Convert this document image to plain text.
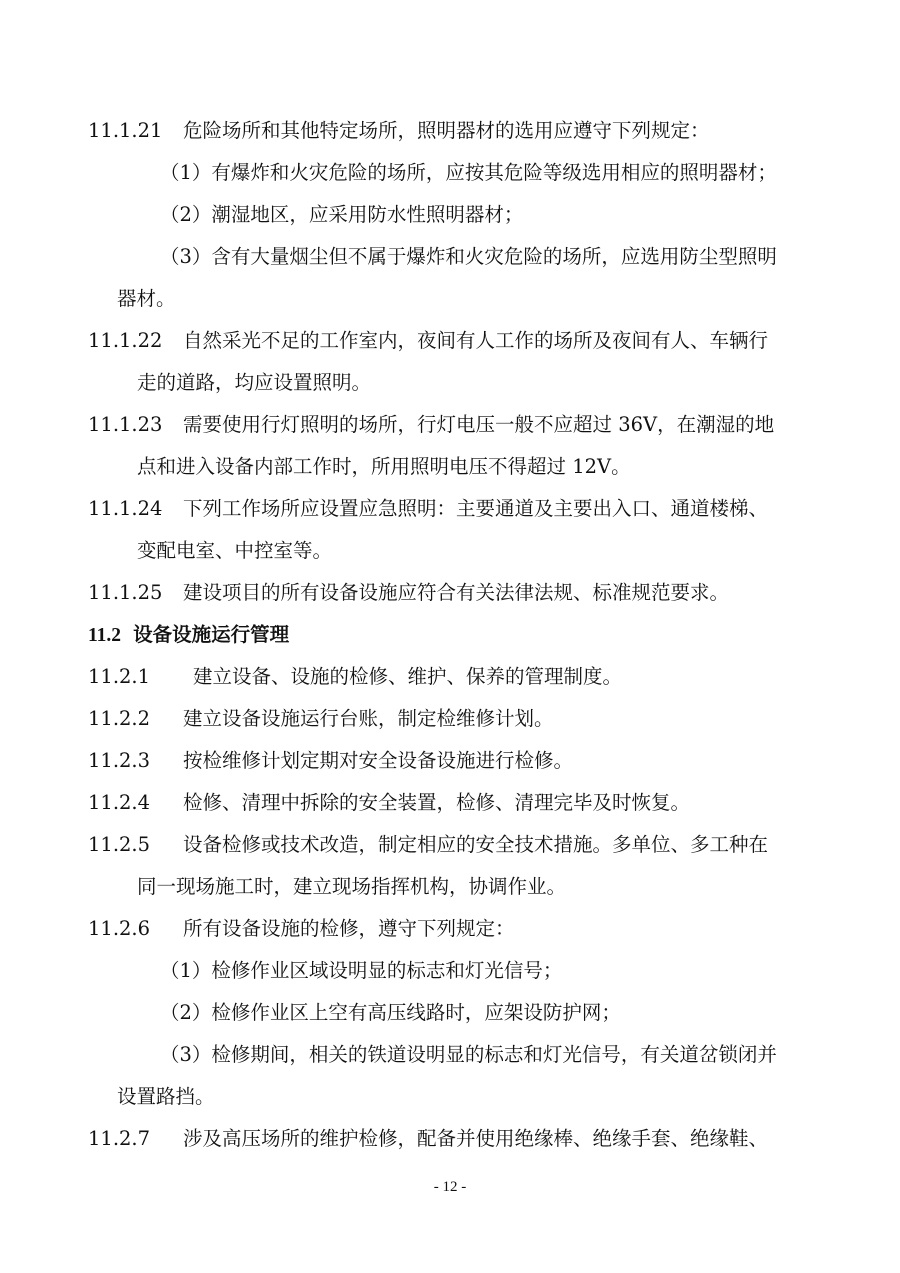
11.1.21 危险场所和其他特定场所，照明器材的选用应遵守下列规定：
（1）有爆炸和火灾危险的场所，应按其危险等级选用相应的照明器材；
（2）潮湿地区，应采用防水性照明器材；
（3）含有大量烟尘但不属于爆炸和火灾危险的场所，应选用防尘型照明
器材。
11.1.22 自然采光不足的工作室内，夜间有人工作的场所及夜间有人、车辆行
走的道路，均应设置照明。
11.1.23 需要使用行灯照明的场所，行灯电压一般不应超过 36V，在潮湿的地
点和进入设备内部工作时，所用照明电压不得超过 12V。
11.1.24 下列工作场所应设置应急照明：主要通道及主要出入口、通道楼梯、
变配电室、中控室等。
11.1.25 建设项目的所有设备设施应符合有关法律法规、标准规范要求。
11.2 设备设施运行管理
11.2.1 建立设备、设施的检修、维护、保养的管理制度。
11.2.2 建立设备设施运行台账，制定检维修计划。
11.2.3 按检维修计划定期对安全设备设施进行检修。
11.2.4 检修、清理中拆除的安全装置，检修、清理完毕及时恢复。
11.2.5 设备检修或技术改造，制定相应的安全技术措施。多单位、多工种在
同一现场施工时，建立现场指挥机构，协调作业。
11.2.6 所有设备设施的检修，遵守下列规定：
（1）检修作业区域设明显的标志和灯光信号；
（2）检修作业区上空有高压线路时，应架设防护网；
（3）检修期间，相关的铁道设明显的标志和灯光信号，有关道岔锁闭并
设置路挡。
11.2.7 涉及高压场所的维护检修，配备并使用绝缘棒、绝缘手套、绝缘鞋、
- 12 -
